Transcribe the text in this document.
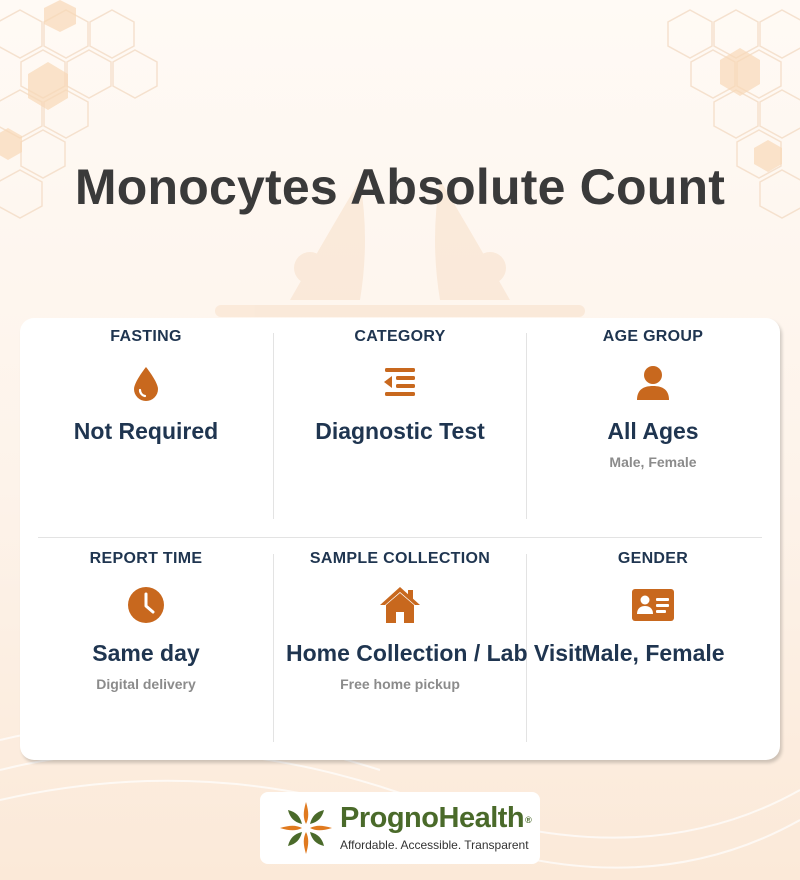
Monocytes Absolute Count
FASTING
Not Required
CATEGORY
Diagnostic Test
AGE GROUP
All Ages
Male, Female
REPORT TIME
Same day
Digital delivery
SAMPLE COLLECTION
Home Collection / Lab Visit
Free home pickup
GENDER
Male, Female
PrognoHealth®
Affordable. Accessible. Transparent
